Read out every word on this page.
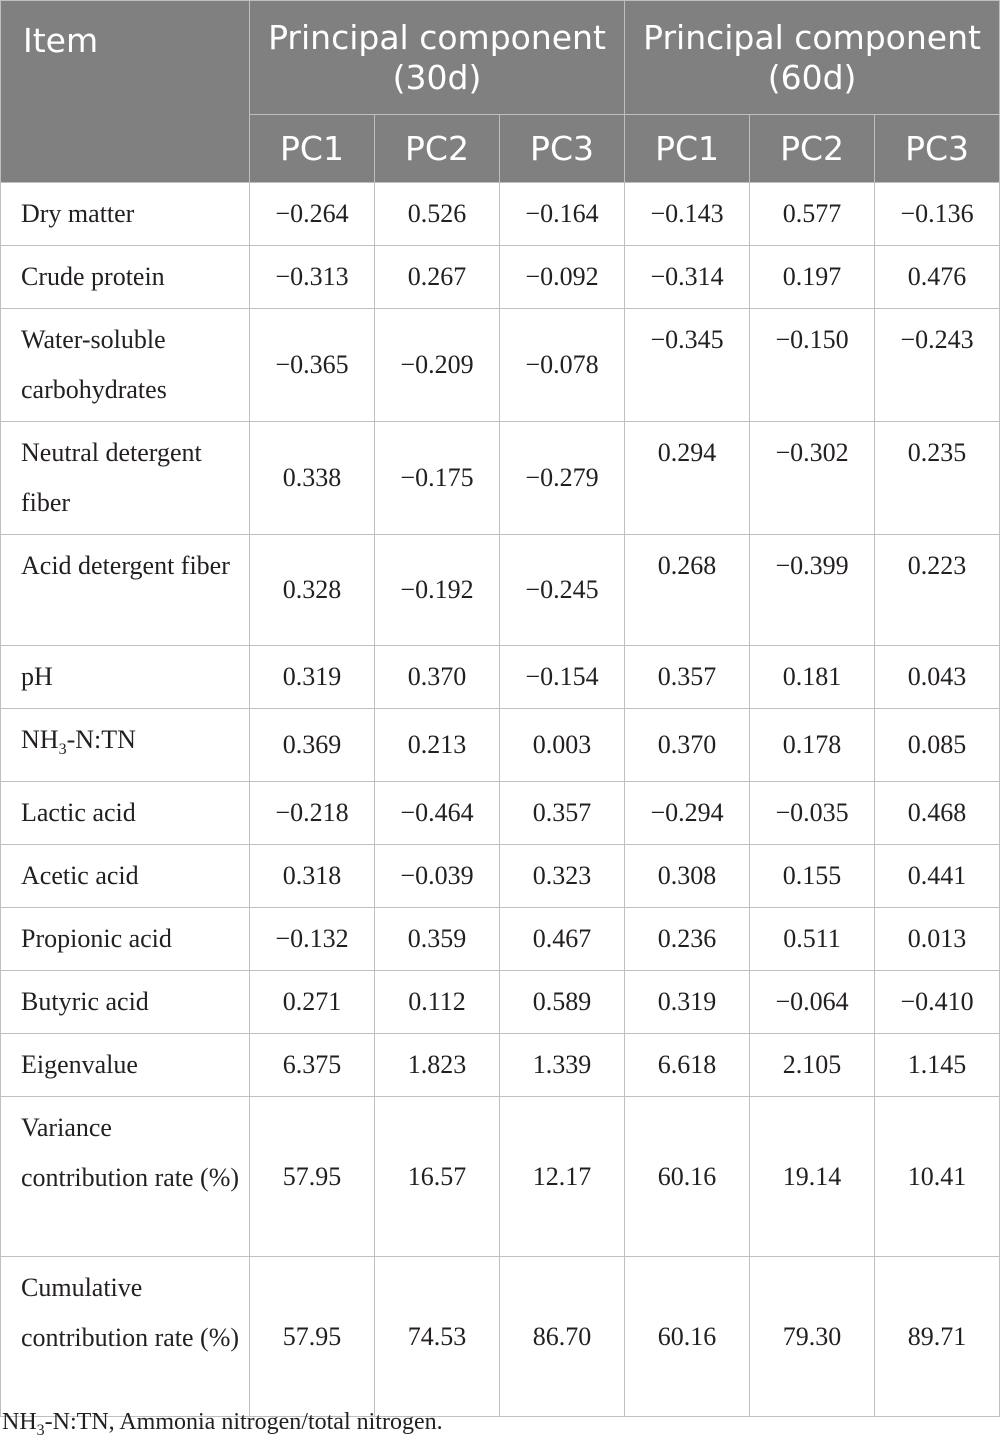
Item	Principal component (30d)			Principal component (60d)		
	PC1	PC2	PC3	PC1	PC2	PC3
Dry matter	−0.264	0.526	−0.164	−0.143	0.577	−0.136
Crude protein	−0.313	0.267	−0.092	−0.314	0.197	0.476
Water-soluble carbohydrates	−0.365	−0.209	−0.078	−0.345	−0.150	−0.243
Neutral detergent fiber	0.338	−0.175	−0.279	0.294	−0.302	0.235
Acid detergent fiber	0.328	−0.192	−0.245	0.268	−0.399	0.223
pH	0.319	0.370	−0.154	0.357	0.181	0.043
$NH_3-N:TN$	0.369	0.213	0.003	0.370	0.178	0.085
Lactic acid	−0.218	−0.464	0.357	−0.294	−0.035	0.468
Acetic acid	0.318	−0.039	0.323	0.308	0.155	0.441
Propionic acid	−0.132	0.359	0.467	0.236	0.511	0.013
Butyric acid	0.271	0.112	0.589	0.319	−0.064	−0.410
Eigenvalue	6.375	1.823	1.339	6.618	2.105	1.145
Variance contribution rate (%)	57.95	16.57	12.17	60.16	19.14	10.41
Cumulative contribution rate (%)	57.95	74.53	86.70	60.16	79.30	89.71
$NH_3-N:TN$, Ammonia nitrogen/total nitrogen.
